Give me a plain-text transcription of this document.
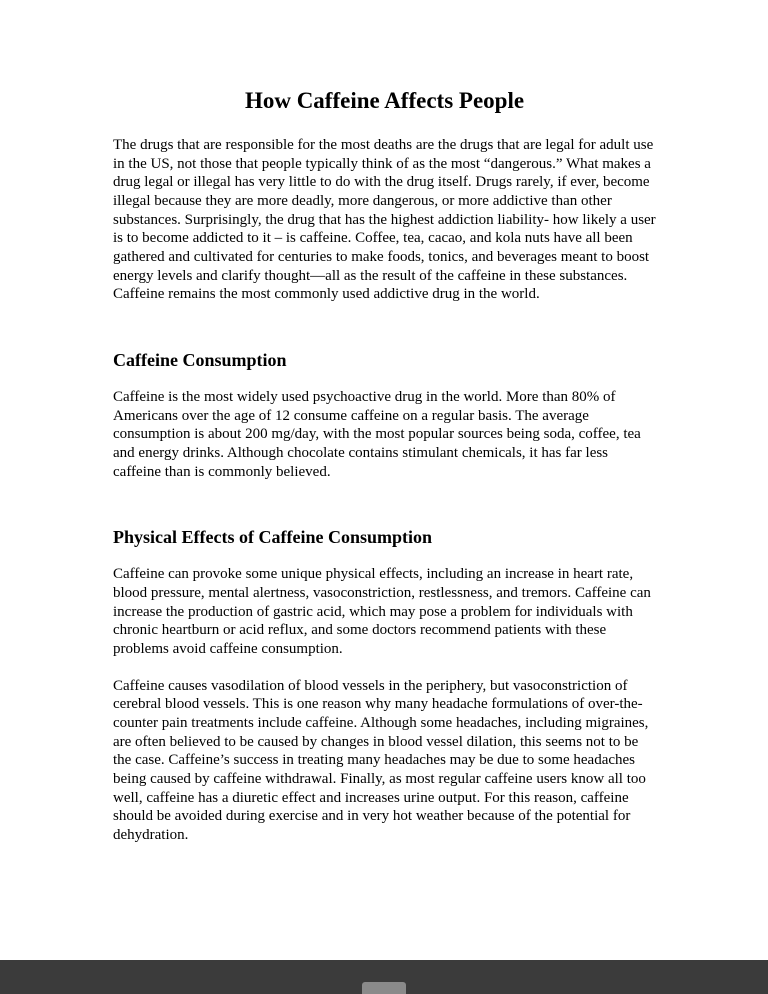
How Caffeine Affects People

The drugs that are responsible for the most deaths are the drugs that are legal for adult use in the US, not those that people typically think of as the most “dangerous.” What makes a drug legal or illegal has very little to do with the drug itself. Drugs rarely, if ever, become illegal because they are more deadly, more dangerous, or more addictive than other substances. Surprisingly, the drug that has the highest addiction liability- how likely a user is to become addicted to it – is caffeine. Coffee, tea, cacao, and kola nuts have all been gathered and cultivated for centuries to make foods, tonics, and beverages meant to boost energy levels and clarify thought—all as the result of the caffeine in these substances. Caffeine remains the most commonly used addictive drug in the world.

Caffeine Consumption

Caffeine is the most widely used psychoactive drug in the world. More than 80% of Americans over the age of 12 consume caffeine on a regular basis. The average consumption is about 200 mg/day, with the most popular sources being soda, coffee, tea and energy drinks. Although chocolate contains stimulant chemicals, it has far less caffeine than is commonly believed.

Physical Effects of Caffeine Consumption

Caffeine can provoke some unique physical effects, including an increase in heart rate, blood pressure, mental alertness, vasoconstriction, restlessness, and tremors. Caffeine can increase the production of gastric acid, which may pose a problem for individuals with chronic heartburn or acid reflux, and some doctors recommend patients with these problems avoid caffeine consumption.

Caffeine causes vasodilation of blood vessels in the periphery, but vasoconstriction of cerebral blood vessels. This is one reason why many headache formulations of over-the-counter pain treatments include caffeine. Although some headaches, including migraines, are often believed to be caused by changes in blood vessel dilation, this seems not to be the case. Caffeine’s success in treating many headaches may be due to some headaches being caused by caffeine withdrawal. Finally, as most regular caffeine users know all too well, caffeine has a diuretic effect and increases urine output. For this reason, caffeine should be avoided during exercise and in very hot weather because of the potential for dehydration.
